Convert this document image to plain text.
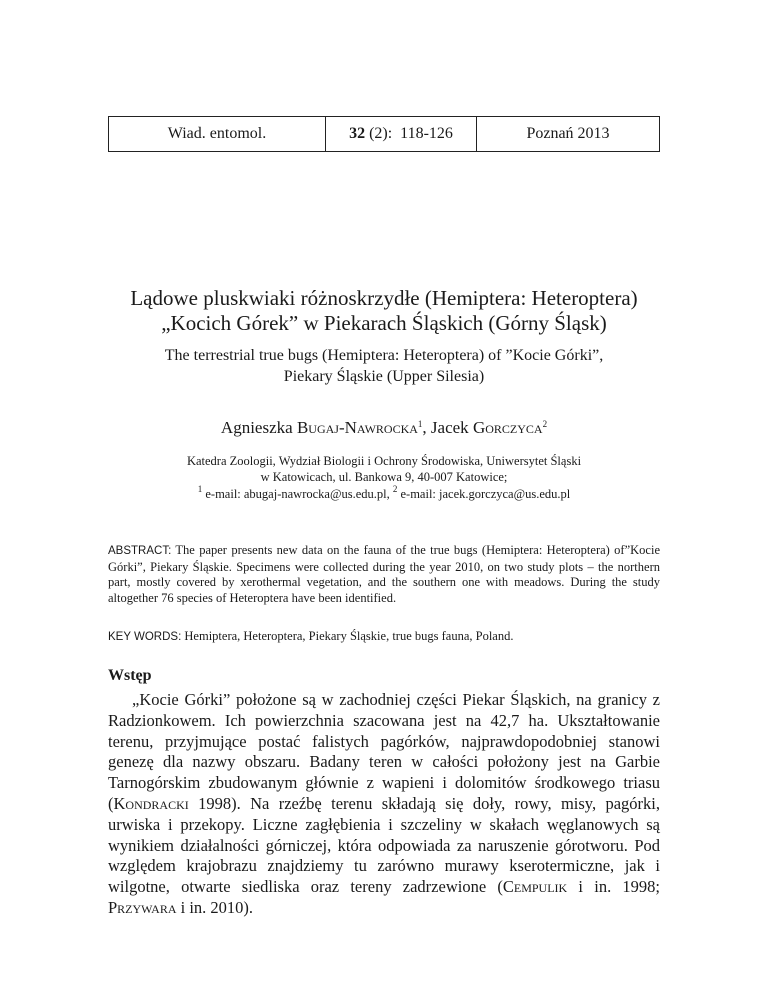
Wiad. entomol.	32 (2):  118-126	Poznań 2013
Lądowe pluskwiaki różnoskrzydłe (Hemiptera: Heteroptera)
„Kocich Górek” w Piekarach Śląskich (Górny Śląsk)
The terrestrial true bugs (Hemiptera: Heteroptera) of ”Kocie Górki”,
Piekary Śląskie (Upper Silesia)
Agnieszka Bugaj-Nawrocka$^1$, Jacek Gorczyca$^2$
Katedra Zoologii, Wydział Biologii i Ochrony Środowiska, Uniwersytet Śląski
w Katowicach, ul. Bankowa 9, 40-007 Katowice;
$^1$ e-mail: abugaj-nawrocka@us.edu.pl, $^2$ e-mail: jacek.gorczyca@us.edu.pl

ABSTRACT: The paper presents new data on the fauna of the true bugs (Hemiptera: Heteroptera) of”Kocie Górki”, Piekary Śląskie. Specimens were collected during the year 2010, on two study plots – the northern part, mostly covered by xerothermal vegetation, and the southern one with meadows. During the study altogether 76 species of Heteroptera have been identified.

KEY WORDS: Hemiptera, Heteroptera, Piekary Śląskie, true bugs fauna, Poland.

Wstęp

„Kocie Górki” położone są w zachodniej części Piekar Śląskich, na granicy z Radzionkowem. Ich powierzchnia szacowana jest na 42,7 ha. Ukształtowanie terenu, przyjmujące postać falistych pagórków, najprawdopodobniej stanowi genezę dla nazwy obszaru. Badany teren w całości położony jest na Garbie Tarnogórskim zbudowanym głównie z wapieni i dolomitów środkowego triasu (Kondracki 1998). Na rzeźbę terenu składają się doły, rowy, misy, pagórki, urwiska i przekopy. Liczne zagłębienia i szczeliny w skałach węglanowych są wynikiem działalności górniczej, która odpowiada za naruszenie górotworu. Pod względem krajobrazu znajdziemy tu zarówno murawy kserotermiczne, jak i wilgotne, otwarte siedliska oraz tereny zadrzewione (Cempulik i in. 1998; Przywara i in. 2010).
